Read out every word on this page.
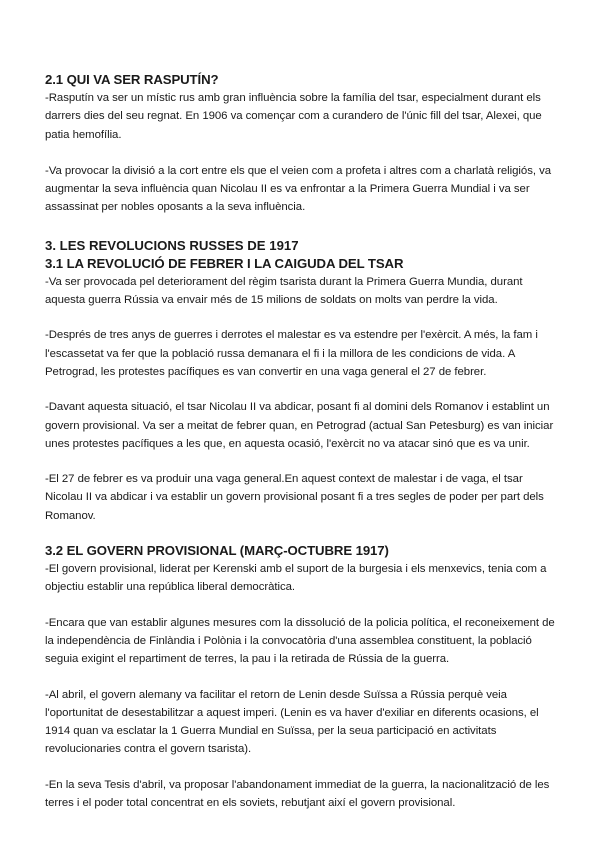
2.1 QUI VA SER RASPUTÍN?

-Rasputín va ser un místic rus amb gran influència sobre la família del tsar, especialment durant els darrers dies del seu regnat. En 1906 va començar com a curandero de l'únic fill del tsar, Alexei, que patia hemofília.

-Va provocar la divisió a la cort entre els que el veien com a profeta i altres com a charlatà religiós, va augmentar la seva influència quan Nicolau II es va enfrontar a la Primera Guerra Mundial i va ser assassinat per nobles oposants a la seva influència.

3. LES REVOLUCIONS RUSSES DE 1917
3.1 LA REVOLUCIÓ DE FEBRER I LA CAIGUDA DEL TSAR

-Va ser provocada pel deteriorament del règim tsarista durant la Primera Guerra Mundia, durant aquesta guerra Rússia va envair més de 15 milions de soldats on molts van perdre la vida.

-Després de tres anys de guerres i derrotes el malestar es va estendre per l'exèrcit. A més, la fam i l'escassetat va fer que la població russa demanara el fi i la millora de les condicions de vida. A Petrograd, les protestes pacífiques es van convertir en una vaga general el 27 de febrer.

-Davant aquesta situació, el tsar Nicolau II va abdicar, posant fi al domini dels Romanov i establint un govern provisional. Va ser a meitat de febrer quan, en Petrograd (actual San Petesburg) es van iniciar unes protestes pacífiques a les que, en aquesta ocasió, l'exèrcit no va atacar sinó que es va unir.

-El 27 de febrer es va produir una vaga general.En aquest context de malestar i de vaga, el tsar Nicolau II va abdicar i va establir un govern provisional posant fi a tres segles de poder per part dels Romanov.

3.2 EL GOVERN PROVISIONAL (MARÇ-OCTUBRE 1917)

-El govern provisional, liderat per Kerenski amb el suport de la burgesia i els menxevics, tenia com a objectiu establir una república liberal democràtica.

-Encara que van establir algunes mesures com la dissolució de la policia política, el reconeixement de la independència de Finlàndia i Polònia i la convocatòria d'una assemblea constituent, la població seguia exigint el repartiment de terres, la pau i la retirada de Rússia de la guerra.

-Al abril, el govern alemany va facilitar el retorn de Lenin desde Suïssa a Rússia perquè veia l'oportunitat de desestabilitzar a aquest imperi. (Lenin es va haver d'exiliar en diferents ocasions, el 1914 quan va esclatar la 1 Guerra Mundial en Suïssa, per la seua participació en activitats revolucionaries contra el govern tsarista).

-En la seva Tesis d'abril, va proposar l'abandonament immediat de la guerra, la nacionalització de les terres i el poder total concentrat en els soviets, rebutjant així el govern provisional.
